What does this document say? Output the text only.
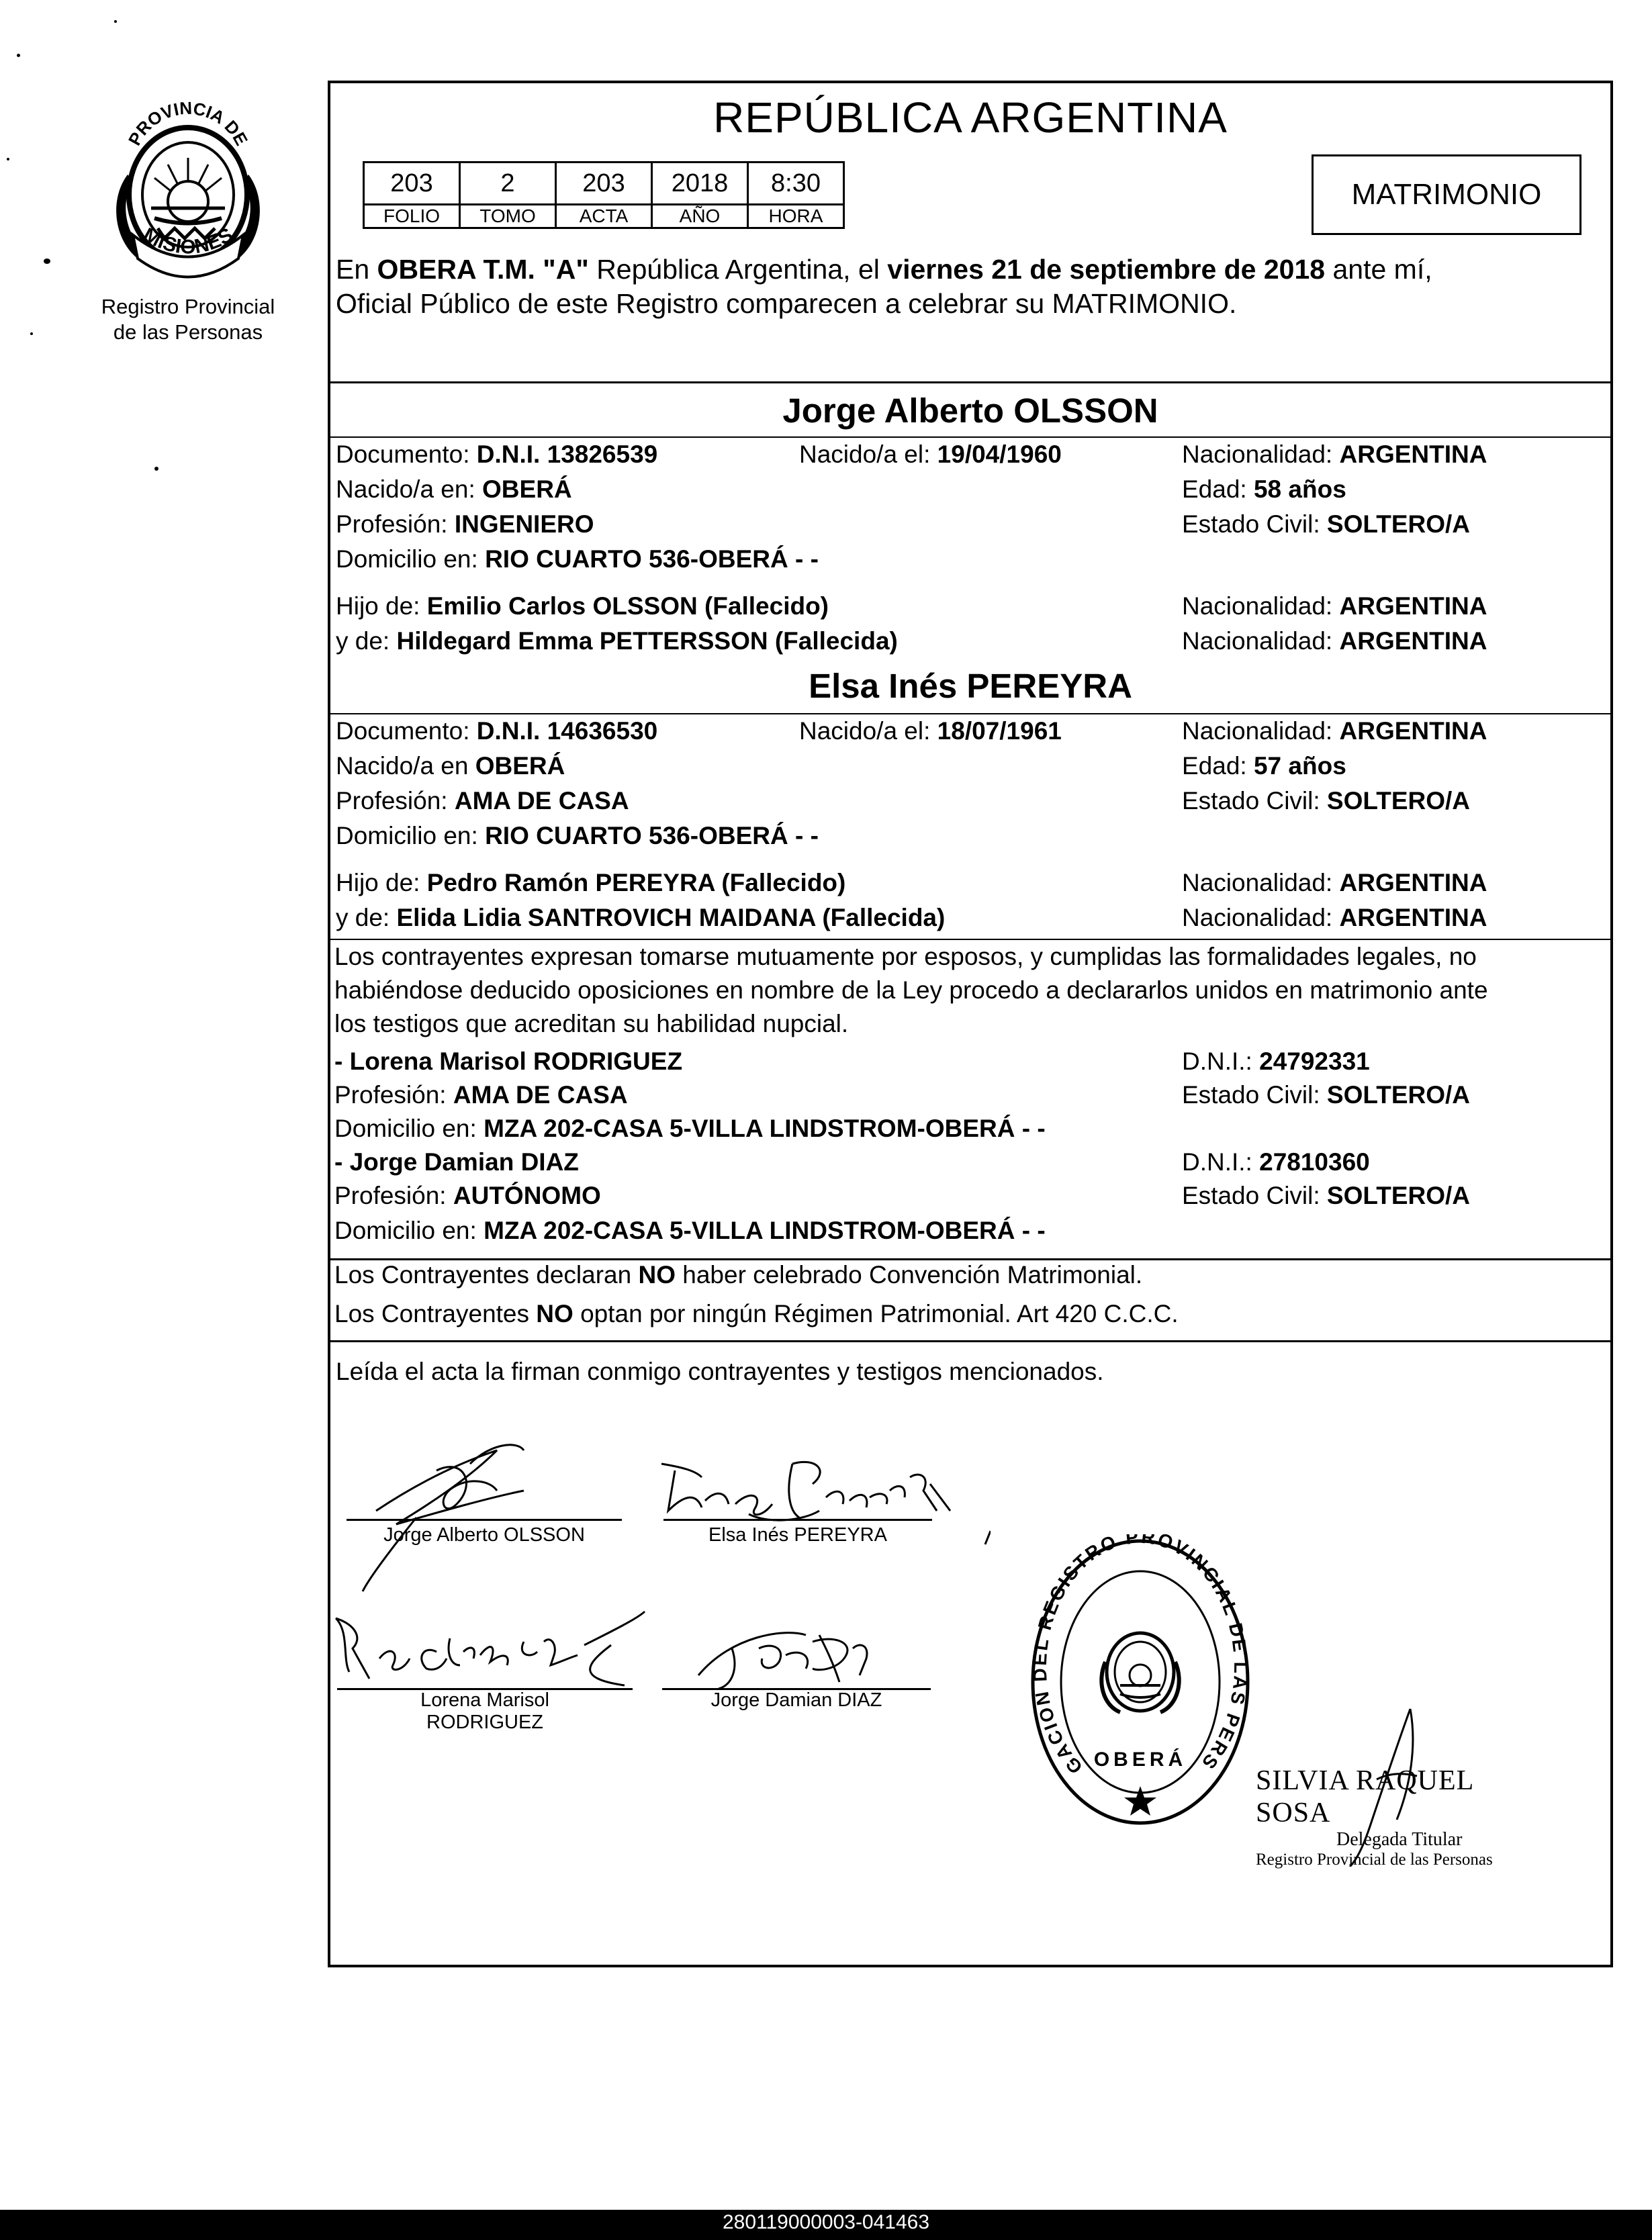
PROVINCIA DE
MISIONES
Registro Provincial
de las Personas
REPÚBLICA ARGENTINA
203	2	203	2018	8:30
FOLIO	TOMO	ACTA	AÑO	HORA
MATRIMONIO
En OBERA T.M. "A" República Argentina, el viernes 21 de septiembre de 2018 ante mí,
Oficial Público de este Registro comparecen a celebrar su MATRIMONIO.
Jorge Alberto OLSSON
Documento: D.N.I. 13826539	Nacido/a el: 19/04/1960	Nacionalidad: ARGENTINA
Nacido/a en: OBERÁ	Edad: 58 años
Profesión: INGENIERO	Estado Civil: SOLTERO/A
Domicilio en: RIO CUARTO 536-OBERÁ - -
Hijo de: Emilio Carlos OLSSON (Fallecido)	Nacionalidad: ARGENTINA
y de: Hildegard Emma PETTERSSON (Fallecida)	Nacionalidad: ARGENTINA
Elsa Inés PEREYRA
Documento: D.N.I. 14636530	Nacido/a el: 18/07/1961	Nacionalidad: ARGENTINA
Nacido/a en OBERÁ	Edad: 57 años
Profesión: AMA DE CASA	Estado Civil: SOLTERO/A
Domicilio en: RIO CUARTO 536-OBERÁ - -
Hijo de: Pedro Ramón PEREYRA (Fallecido)	Nacionalidad: ARGENTINA
y de: Elida Lidia SANTROVICH MAIDANA (Fallecida)	Nacionalidad: ARGENTINA
Los contrayentes expresan tomarse mutuamente por esposos, y cumplidas las formalidades legales, no
habiéndose deducido oposiciones en nombre de la Ley procedo a declararlos unidos en matrimonio ante
los testigos que acreditan su habilidad nupcial.
- Lorena Marisol RODRIGUEZ	D.N.I.: 24792331
Profesión: AMA DE CASA	Estado Civil: SOLTERO/A
Domicilio en: MZA 202-CASA 5-VILLA LINDSTROM-OBERÁ - -
- Jorge Damian DIAZ	D.N.I.: 27810360
Profesión: AUTÓNOMO	Estado Civil: SOLTERO/A
Domicilio en: MZA 202-CASA 5-VILLA LINDSTROM-OBERÁ - -
Los Contrayentes declaran NO haber celebrado Convención Matrimonial.
Los Contrayentes NO optan por ningún Régimen Patrimonial. Art 420 C.C.C.
Leída el acta la firman conmigo contrayentes y testigos mencionados.
Jorge Alberto OLSSON	Elsa Inés PEREYRA
Lorena Marisol
RODRIGUEZ
Jorge Damian DIAZ
GACION DEL REGISTRO PROVINCIAL DE LAS PERS
OBERÁ
SILVIA RAQUEL SOSA
Delegada Titular
Registro Provincial de las Personas
280119000003-041463
